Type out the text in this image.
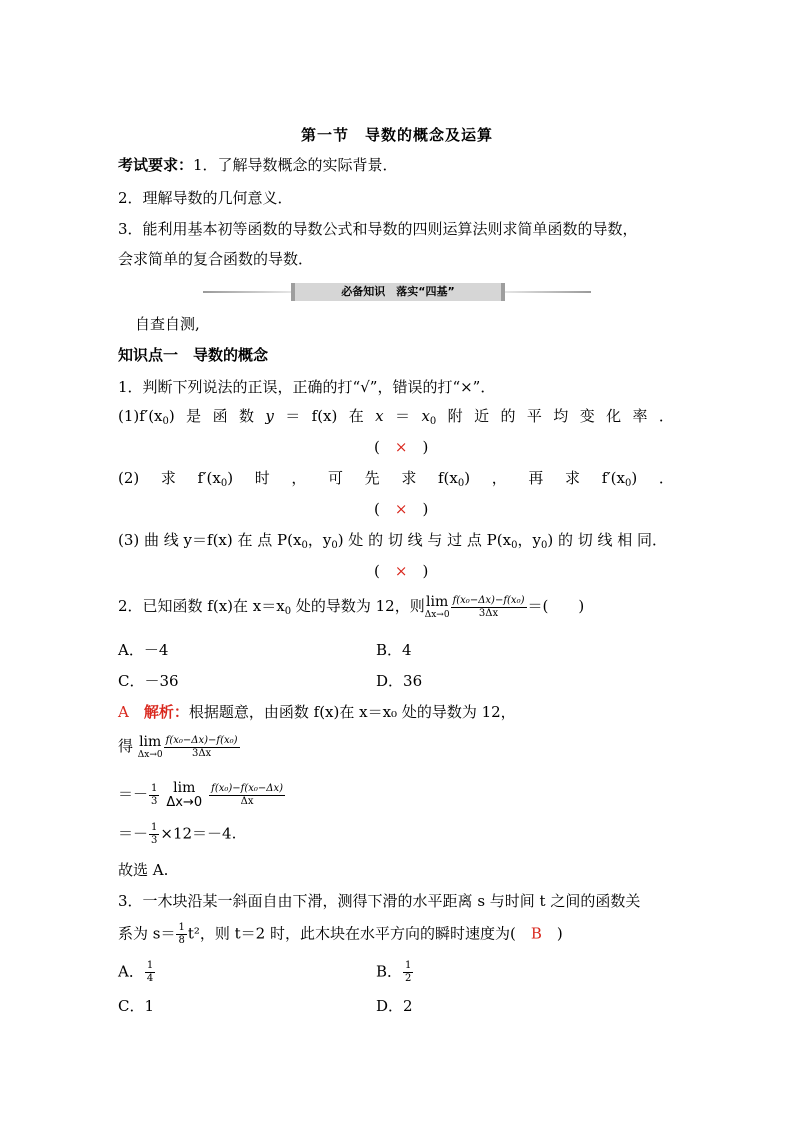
第一节　导数的概念及运算
考试要求：1．了解导数概念的实际背景．
2．理解导数的几何意义．
3．能利用基本初等函数的导数公式和导数的四则运算法则求简单函数的导数，
会求简单的复合函数的导数．
必备知识　落实“四基”
自查自测,
知识点一　导数的概念
1．判断下列说法的正误，正确的打“√”，错误的打“×”．
$(1)f'(x_0)$ 是 函 数 y ＝ f(x) 在 $x = x_0$ 附 近 的 平 均 变 化 率 ．
(　 ×　 )
(2) 求 $f'(x_0)$ 时 ， 可 先 求 $f(x_0)$ ， 再 求 $f'(x_0)$ ．
(　 ×　 )
(3) 曲 线 y＝f(x) 在 点 $P(x_0$，$y_0$) 处 的 切 线 与 过 点 $P(x_0$，$y_0$) 的 切 线 相 同．
(　 ×　 )
2．已知函数 f(x)在 $x=x_0$ 处的导数为 12，则 lim
$\Delta x\to 0 \frac{\text{f(x₀−Δx)−f(x₀)}}{3\Delta x}$ ＝(　　)
A．－4	B．4
C．－36	D．36
A　 解析：根据题意，由函数 f(x)在 x＝x₀ 处的导数为 12，
得 lim
$\Delta x\to 0 \frac{\text{f(x₀−Δx)−f(x₀)}}{3\Delta x}$
＝－ $\frac{1}{3}$ lim
$\Delta x\to 0 \frac{\text{f(x₀)−f(x₀−Δx)}}{\Delta x}$
＝－ $\frac{1}{3} \times 12=-4$.
故选 A.
3．一木块沿某一斜面自由下滑，测得下滑的水平距离 s 与时间 t 之间的函数关
系为 $s= \frac{1}{8} t^2$，则 t＝2 时，此木块在水平方向的瞬时速度为(　 B　 )
A． $\frac{1}{4}$	B． $\frac{1}{2}$
C．1	D．2
